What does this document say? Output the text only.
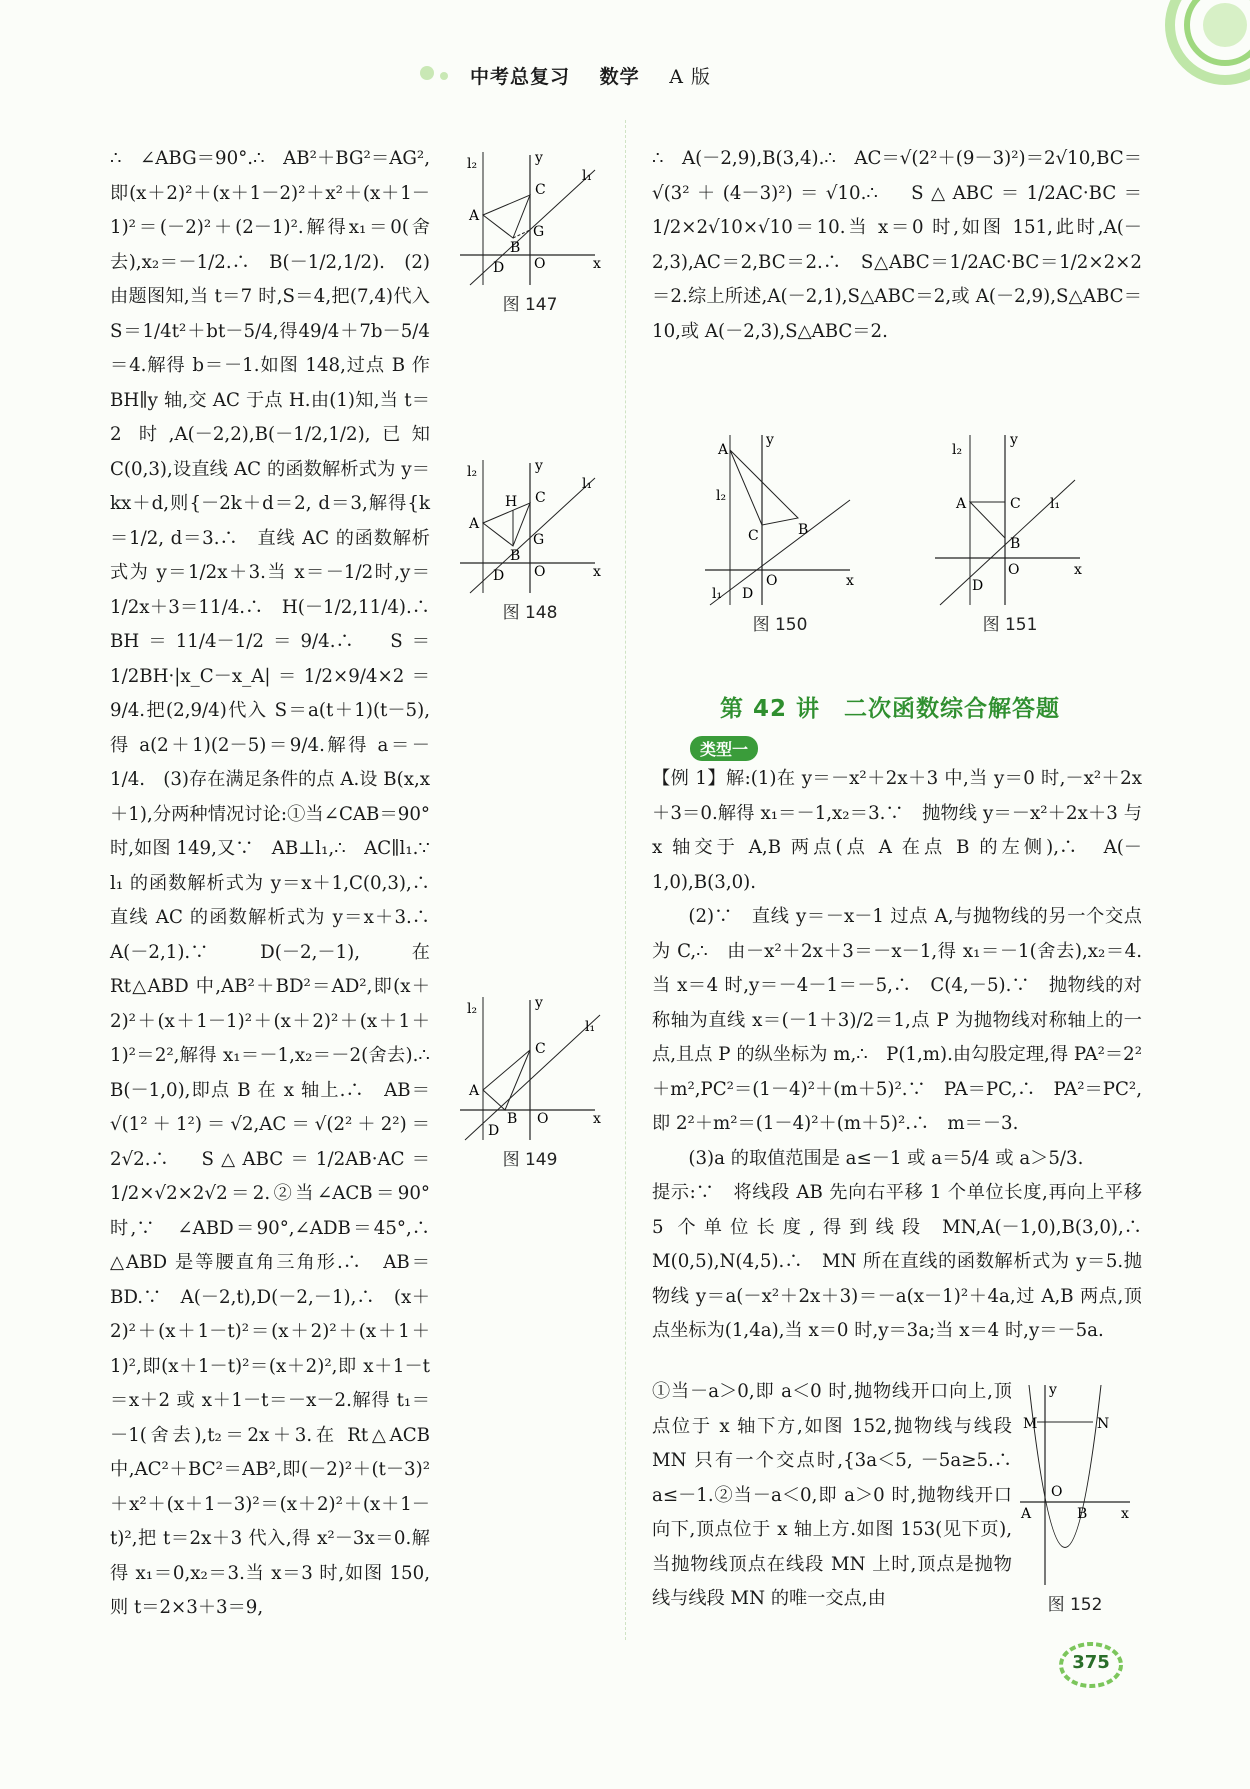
中考总复习 数学 A 版

∴　∠ABG＝90°.∴　AB²＋BG²＝AG²,即(x＋2)²＋(x＋1－2)²＋x²＋(x＋1－1)²＝(－2)²＋(2－1)².解得x₁＝0(舍去),x₂＝－1/2.∴　B(－1/2,1/2).　(2)由题图知,当 t＝7 时,S＝4,把(7,4)代入 S＝1/4t²＋bt－5/4,得49/4＋7b－5/4＝4.解得 b＝－1.如图 148,过点 B 作 BH∥y 轴,交 AC 于点 H.由(1)知,当 t＝2 时,A(－2,2),B(－1/2,1/2),已知 C(0,3),设直线 AC 的函数解析式为 y＝kx＋d,则{－2k＋d＝2, d＝3,解得{k＝1/2, d＝3.∴　直线 AC 的函数解析式为 y＝1/2x＋3.当 x＝－1/2时,y＝1/2x＋3＝11/4.∴　H(－1/2,11/4).∴　BH＝11/4－1/2＝9/4.∴　S＝1/2BH·|x_C－x_A|＝1/2×9/4×2＝9/4.把(2,9/4)代入 S＝a(t＋1)(t－5),得 a(2＋1)(2－5)＝9/4.解得 a＝－1/4.　(3)存在满足条件的点 A.设 B(x,x＋1),分两种情况讨论:①当∠CAB＝90°时,如图 149,又∵　AB⊥l₁,∴　AC∥l₁.∵　l₁ 的函数解析式为 y＝x＋1,C(0,3),∴　直线 AC 的函数解析式为 y＝x＋3.∴　A(－2,1).∵　D(－2,－1),　在 Rt△ABD 中,AB²＋BD²＝AD²,即(x＋2)²＋(x＋1－1)²＋(x＋2)²＋(x＋1＋1)²＝2²,解得 x₁＝－1,x₂＝－2(舍去).∴　B(－1,0),即点 B 在 x 轴上.∴　AB＝√(1²＋1²)＝√2,AC＝√(2²＋2²)＝2√2.∴　S△ABC＝1/2AB·AC＝1/2×√2×2√2＝2.②当∠ACB＝90°时,∵　∠ABD＝90°,∠ADB＝45°,∴　△ABD 是等腰直角三角形.∴　AB＝BD.∵　A(－2,t),D(－2,－1),∴　(x＋2)²＋(x＋1－t)²＝(x＋2)²＋(x＋1＋1)²,即(x＋1－t)²＝(x＋2)²,即 x＋1－t＝x＋2 或 x＋1－t＝－x－2.解得 t₁＝－1(舍去),t₂＝2x＋3.在 Rt△ACB 中,AC²＋BC²＝AB²,即(－2)²＋(t－3)²＋x²＋(x＋1－3)²＝(x＋2)²＋(x＋1－t)²,把 t＝2x＋3 代入,得 x²－3x＝0.解得 x₁＝0,x₂＝3.当 x＝3 时,如图 150,则 t＝2×3＋3＝9,

l₂	y
C
l₁
A
G
B
D O	x
图 147
l₂	y
H C
l₁
A
G
B
D O	x
图 148
l₂	y
C
l₁
A
B
D
O	x
图 149

∴　A(－2,9),B(3,4).∴　AC＝√(2²＋(9－3)²)＝2√10,BC＝√(3²＋(4－3)²)＝√10.∴　S△ABC＝1/2AC·BC＝1/2×2√10×√10＝10.当 x＝0 时,如图 151,此时,A(－2,3),AC＝2,BC＝2.∴　S△ABC＝1/2AC·BC＝1/2×2×2＝2.综上所述,A(－2,1),S△ABC＝2,或 A(－2,9),S△ABC＝10,或 A(－2,3),S△ABC＝2.

y
A
l₂
C	B
l₁ D
O	x
图 150
l₂
y
A	C l₁
B
D
O	x
图 151
第 42 讲　二次函数综合解答题
类型一

【例 1】解:(1)在 y＝－x²＋2x＋3 中,当 y＝0 时,－x²＋2x＋3＝0.解得 x₁＝－1,x₂＝3.∵　抛物线 y＝－x²＋2x＋3 与 x 轴交于 A,B 两点(点 A 在点 B 的左侧),∴　A(－1,0),B(3,0).

(2)∵　直线 y＝－x－1 过点 A,与抛物线的另一个交点为 C,∴　由－x²＋2x＋3＝－x－1,得 x₁＝－1(舍去),x₂＝4.当 x＝4 时,y＝－4－1＝－5,∴　C(4,－5).∵　抛物线的对称轴为直线 x＝(－1＋3)/2＝1,点 P 为抛物线对称轴上的一点,且点 P 的纵坐标为 m,∴　P(1,m).由勾股定理,得 PA²＝2²＋m²,PC²＝(1－4)²＋(m＋5)².∵　PA＝PC,∴　PA²＝PC²,即 2²＋m²＝(1－4)²＋(m＋5)².∴　m＝－3.

(3)a 的取值范围是 a≤－1 或 a＝5/4 或 a＞5/3.

提示:∵　将线段 AB 先向右平移 1 个单位长度,再向上平移 5 个单位长度,得到线段 MN,A(－1,0),B(3,0),∴　M(0,5),N(4,5).∴　MN 所在直线的函数解析式为 y＝5.抛物线 y＝a(－x²＋2x＋3)＝－a(x－1)²＋4a,过 A,B 两点,顶点坐标为(1,4a),当 x＝0 时,y＝3a;当 x＝4 时,y＝－5a.

①当－a＞0,即 a＜0 时,抛物线开口向上,顶点位于 x 轴下方,如图 152,抛物线与线段 MN 只有一个交点时,{3a＜5, －5a≥5.∴　a≤－1.②当－a＜0,即 a＞0 时,抛物线开口向下,顶点位于 x 轴上方.如图 153(见下页),当抛物线顶点在线段 MN 上时,顶点是抛物线与线段 MN 的唯一交点,由

y
M	N
O
A	B x
图 152
375
